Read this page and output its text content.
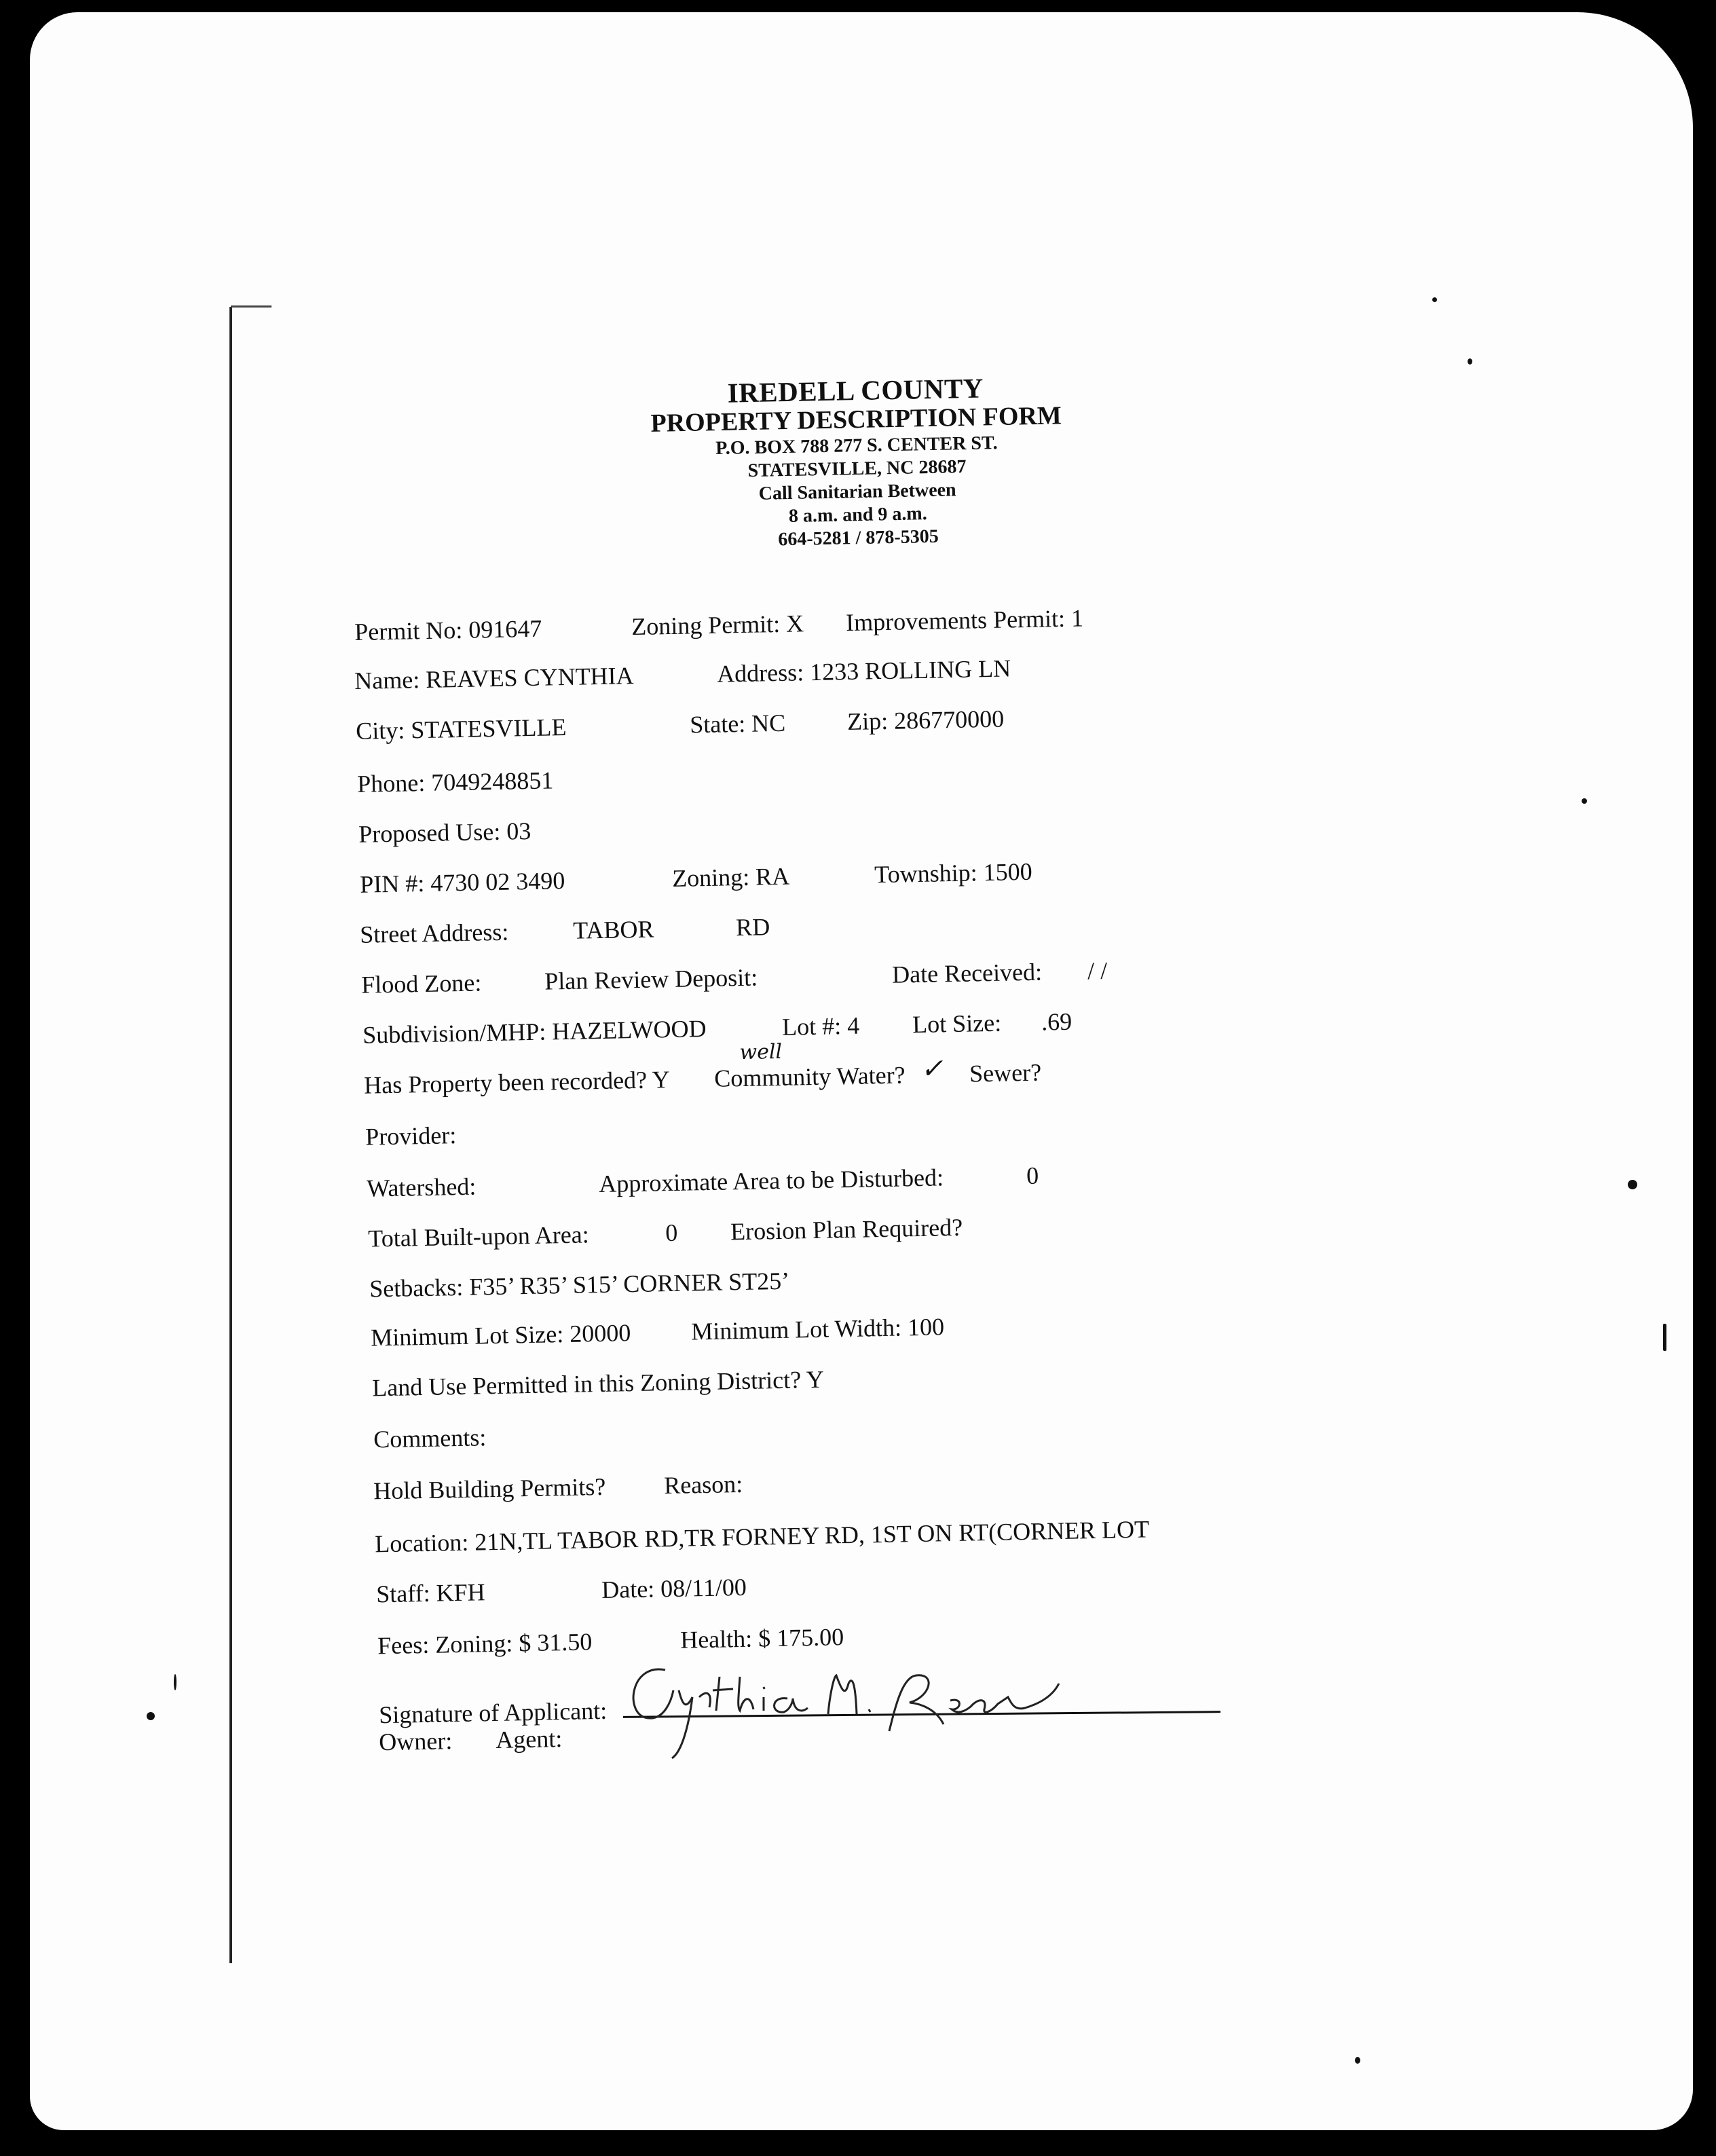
IREDELL COUNTY
PROPERTY DESCRIPTION FORM
P.O. BOX 788 277 S. CENTER ST.
STATESVILLE, NC 28687
Call Sanitarian Between
8 a.m. and 9 a.m.
664-5281 / 878-5305
Permit No: 091647	Zoning Permit: X Improvements Permit: 1
Name: REAVES CYNTHIA	Address: 1233 ROLLING LN
City: STATESVILLE	State: NC	Zip: 286770000
Phone: 7049248851
Proposed Use: 03
PIN #: 4730 02 3490	Zoning: RA	Township: 1500
Street Address:	TABOR	RD
Flood Zone:	Plan Review Deposit:	Date Received: / /
Subdivision/MHP: HAZELWOOD	Lot #: 4 Lot Size: .69
Has Property been recorded? Y Community Water?
well
✓ Sewer?
Provider:
Watershed:	Approximate Area to be Disturbed:	0
Total Built-upon Area:	0 Erosion Plan Required?
Setbacks: F35’ R35’ S15’ CORNER ST25’
Minimum Lot Size: 20000 Minimum Lot Width: 100
Land Use Permitted in this Zoning District? Y
Comments:
Hold Building Permits? Reason:
Location: 21N,TL TABOR RD,TR FORNEY RD, 1ST ON RT(CORNER LOT
Staff: KFH	Date: 08/11/00
Fees: Zoning: $ 31.50	Health: $ 175.00
Signature of Applicant:
Owner: Agent:
